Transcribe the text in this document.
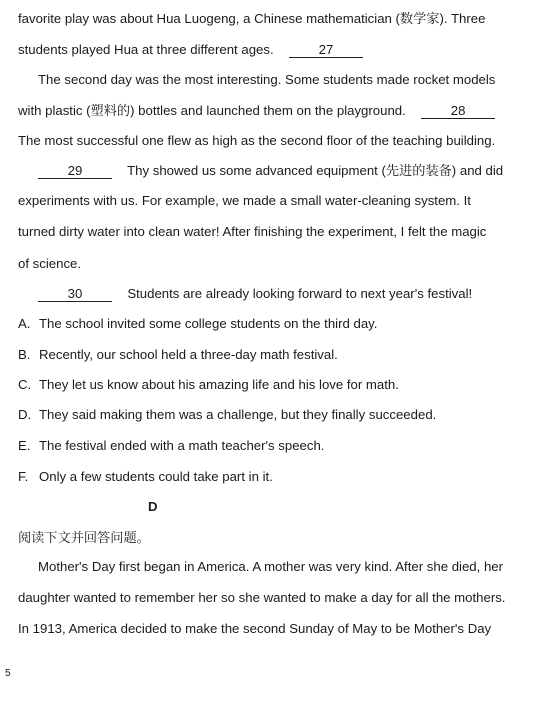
favorite play was about Hua Luogeng, a Chinese mathematician (数学家). Three
students played Hua at three different ages.	27
The second day was the most interesting. Some students made rocket models
with plastic (塑料的) bottles and launched them on the playground.	28
The most successful one flew as high as the second floor of the teaching building.
29	Thy showed us some advanced equipment (先进的装备) and did
experiments with us. For example, we made a small water-cleaning system. It
turned dirty water into clean water! After finishing the experiment, I felt the magic
of science.
30	Students are already looking forward to next year's festival!
A. The school invited some college students on the third day.
B. Recently, our school held a three-day math festival.
C. They let us know about his amazing life and his love for math.
D. They said making them was a challenge, but they finally succeeded.
E. The festival ended with a math teacher's speech.
F. Only a few students could take part in it.
D
阅读下文并回答问题。
Mother's Day first began in America. A mother was very kind. After she died, her
daughter wanted to remember her so she wanted to make a day for all the mothers.
In 1913, America decided to make the second Sunday of May to be Mother's Day
5
